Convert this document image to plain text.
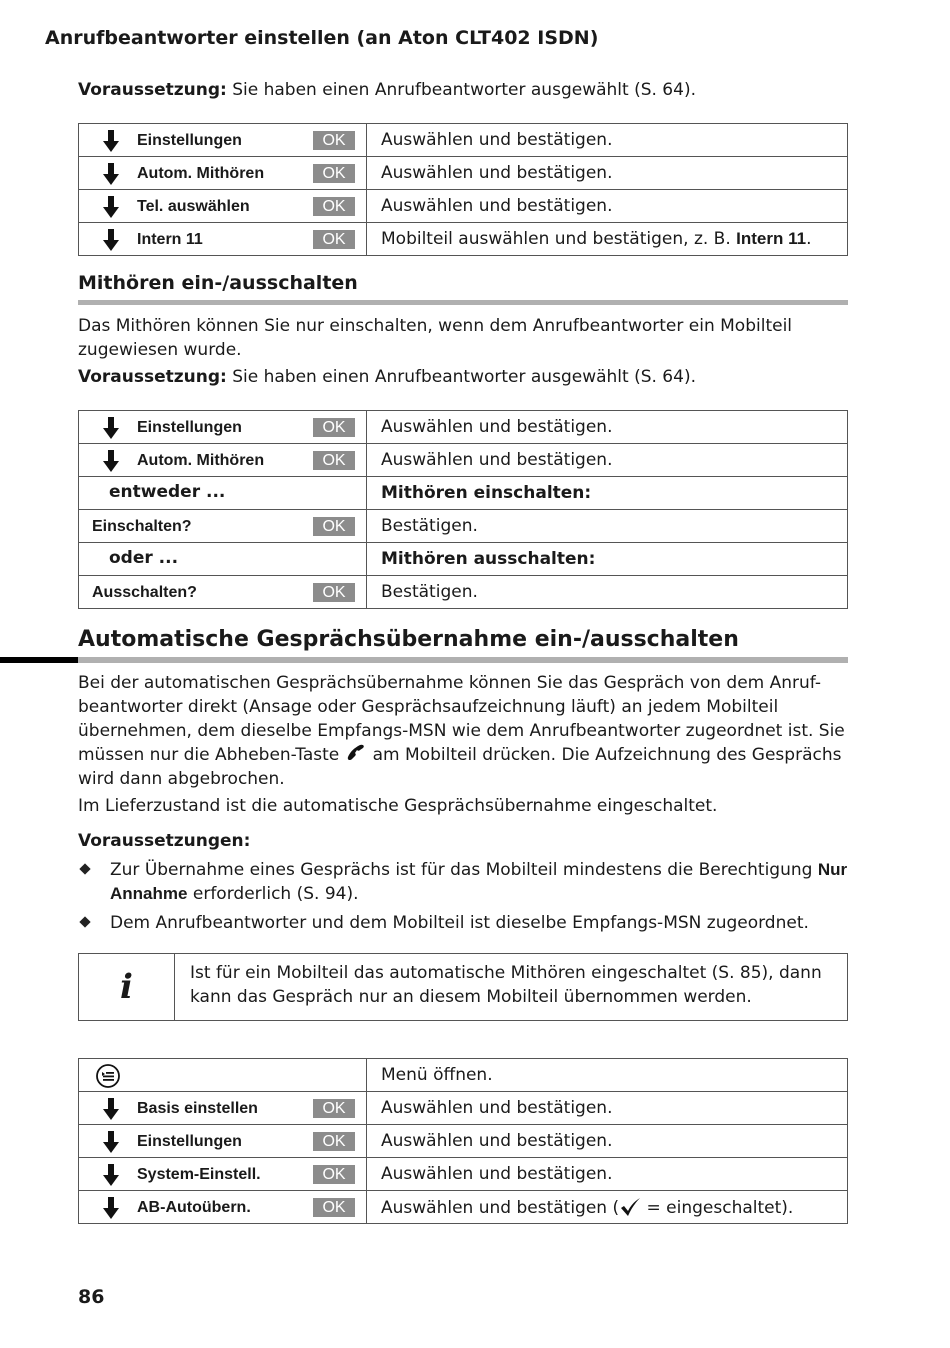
Anrufbeantworter einstellen (an Aton CLT402 ISDN)
Voraussetzung: Sie haben einen Anrufbeantworter ausgewählt (S. 64).
Einstellungen OK	Auswählen und bestätigen.

Autom. Mithören OK	Auswählen und bestätigen.

Tel. auswählen OK	Auswählen und bestätigen.

Intern 11 OK	Mobilteil auswählen und bestätigen, z. B. Intern 11.
Mithören ein-/ausschalten
Das Mithören können Sie nur einschalten, wenn dem Anrufbeantworter ein Mobilteil zugewiesen wurde.
Voraussetzung: Sie haben einen Anrufbeantworter ausgewählt (S. 64).
Einstellungen OK	Auswählen und bestätigen.

Autom. Mithören OK	Auswählen und bestätigen.

entweder ...	Mithören einschalten:

Einschalten? OK	Bestätigen.

oder ...	Mithören ausschalten:

Ausschalten? OK	Bestätigen.
Automatische Gesprächsübernahme ein-/ausschalten
Bei der automatischen Gesprächsübernahme können Sie das Gespräch von dem Anruf-beantworter direkt (Ansage oder Gesprächsaufzeichnung läuft) an jedem Mobilteil übernehmen, dem dieselbe Empfangs-MSN wie dem Anrufbeantworter zugeordnet ist. Sie müssen nur die Abheben-Taste am Mobilteil drücken. Die Aufzeichnung des Gesprächs wird dann abgebrochen.
Im Lieferzustand ist die automatische Gesprächsübernahme eingeschaltet.
Voraussetzungen:
Zur Übernahme eines Gesprächs ist für das Mobilteil mindestens die Berechtigung Nur Annahme erforderlich (S. 94).
Dem Anrufbeantworter und dem Mobilteil ist dieselbe Empfangs-MSN zugeordnet.
i	Ist für ein Mobilteil das automatische Mithören eingeschaltet (S. 85), dann kann das Gespräch nur an diesem Mobilteil übernommen werden.
	Menü öffnen.

Basis einstellen OK	Auswählen und bestätigen.

Einstellungen OK	Auswählen und bestätigen.

System-Einstell. OK	Auswählen und bestätigen.

AB-Autoübern. OK	Auswählen und bestätigen ( = eingeschaltet).
86
